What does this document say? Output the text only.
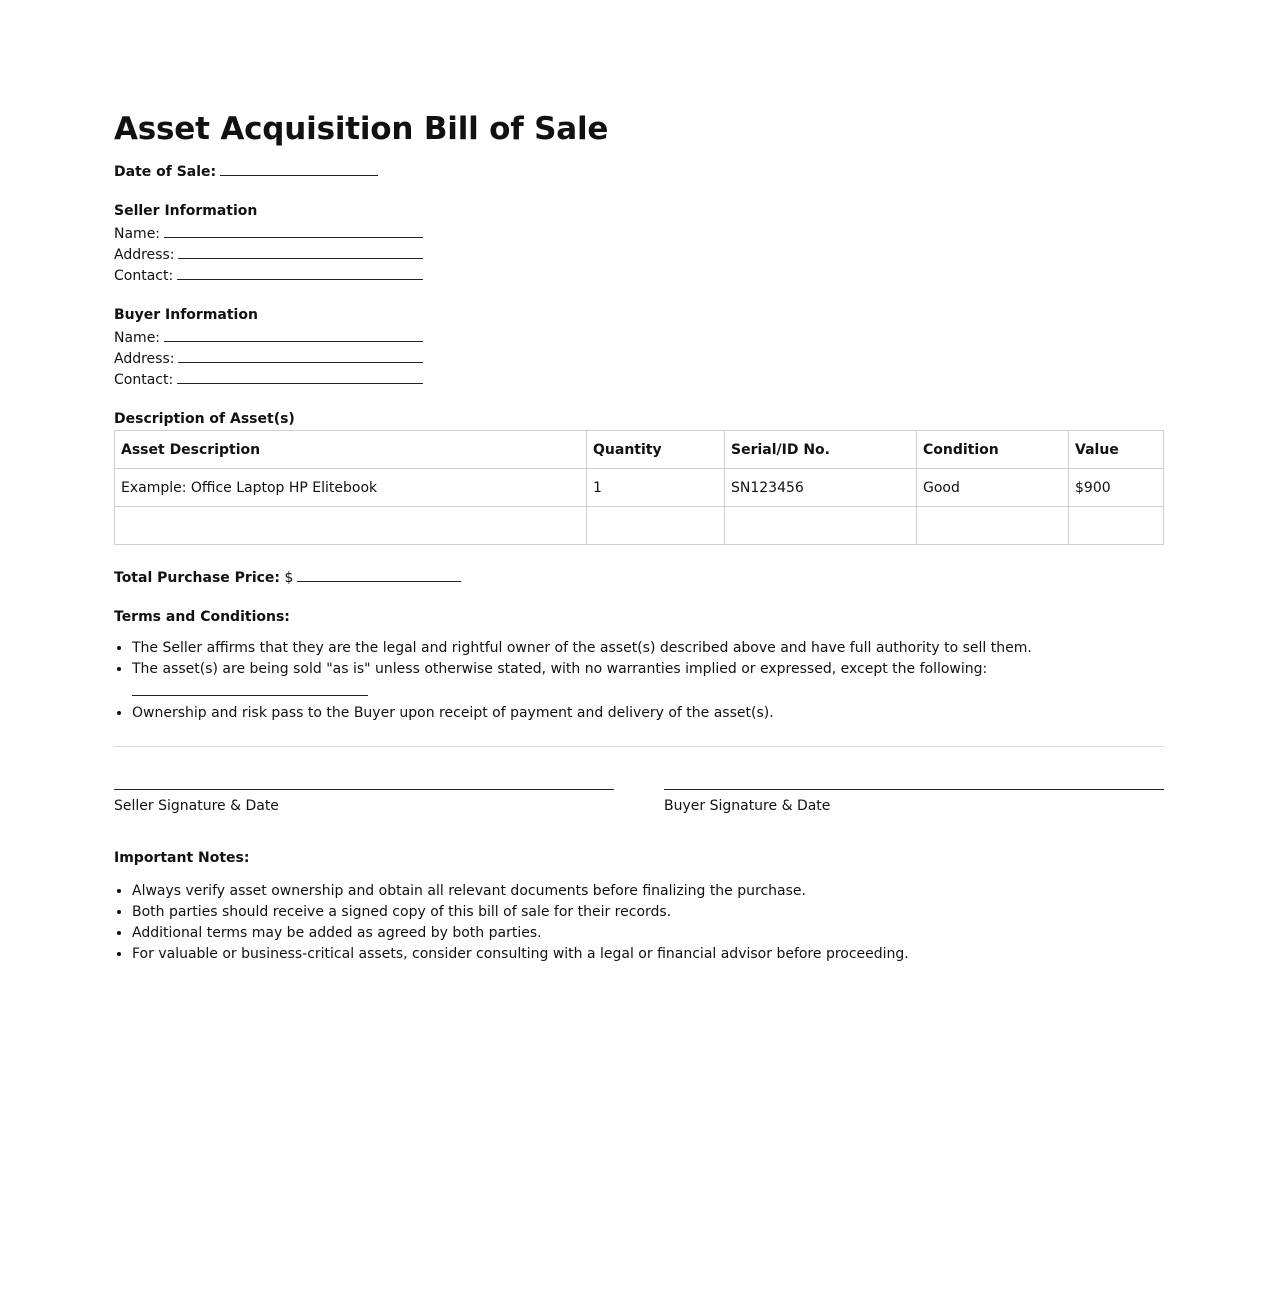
Asset Acquisition Bill of Sale
Date of Sale:
Seller Information
Name:
Address:
Contact:
Buyer Information
Name:
Address:
Contact:
Description of Asset(s)
Asset Description	Quantity	Serial/ID No.	Condition	Value
Example: Office Laptop HP Elitebook	1	SN123456	Good	$900

Total Purchase Price: $
Terms and Conditions:
• The Seller affirms that they are the legal and rightful owner of the asset(s) described above and have full authority to sell them.
• The asset(s) are being sold "as is" unless otherwise stated, with no warranties implied or expressed, except the following:

• Ownership and risk pass to the Buyer upon receipt of payment and delivery of the asset(s).
Seller Signature & Date	Buyer Signature & Date
Important Notes:
• Always verify asset ownership and obtain all relevant documents before finalizing the purchase.
• Both parties should receive a signed copy of this bill of sale for their records.
• Additional terms may be added as agreed by both parties.
• For valuable or business-critical assets, consider consulting with a legal or financial advisor before proceeding.
